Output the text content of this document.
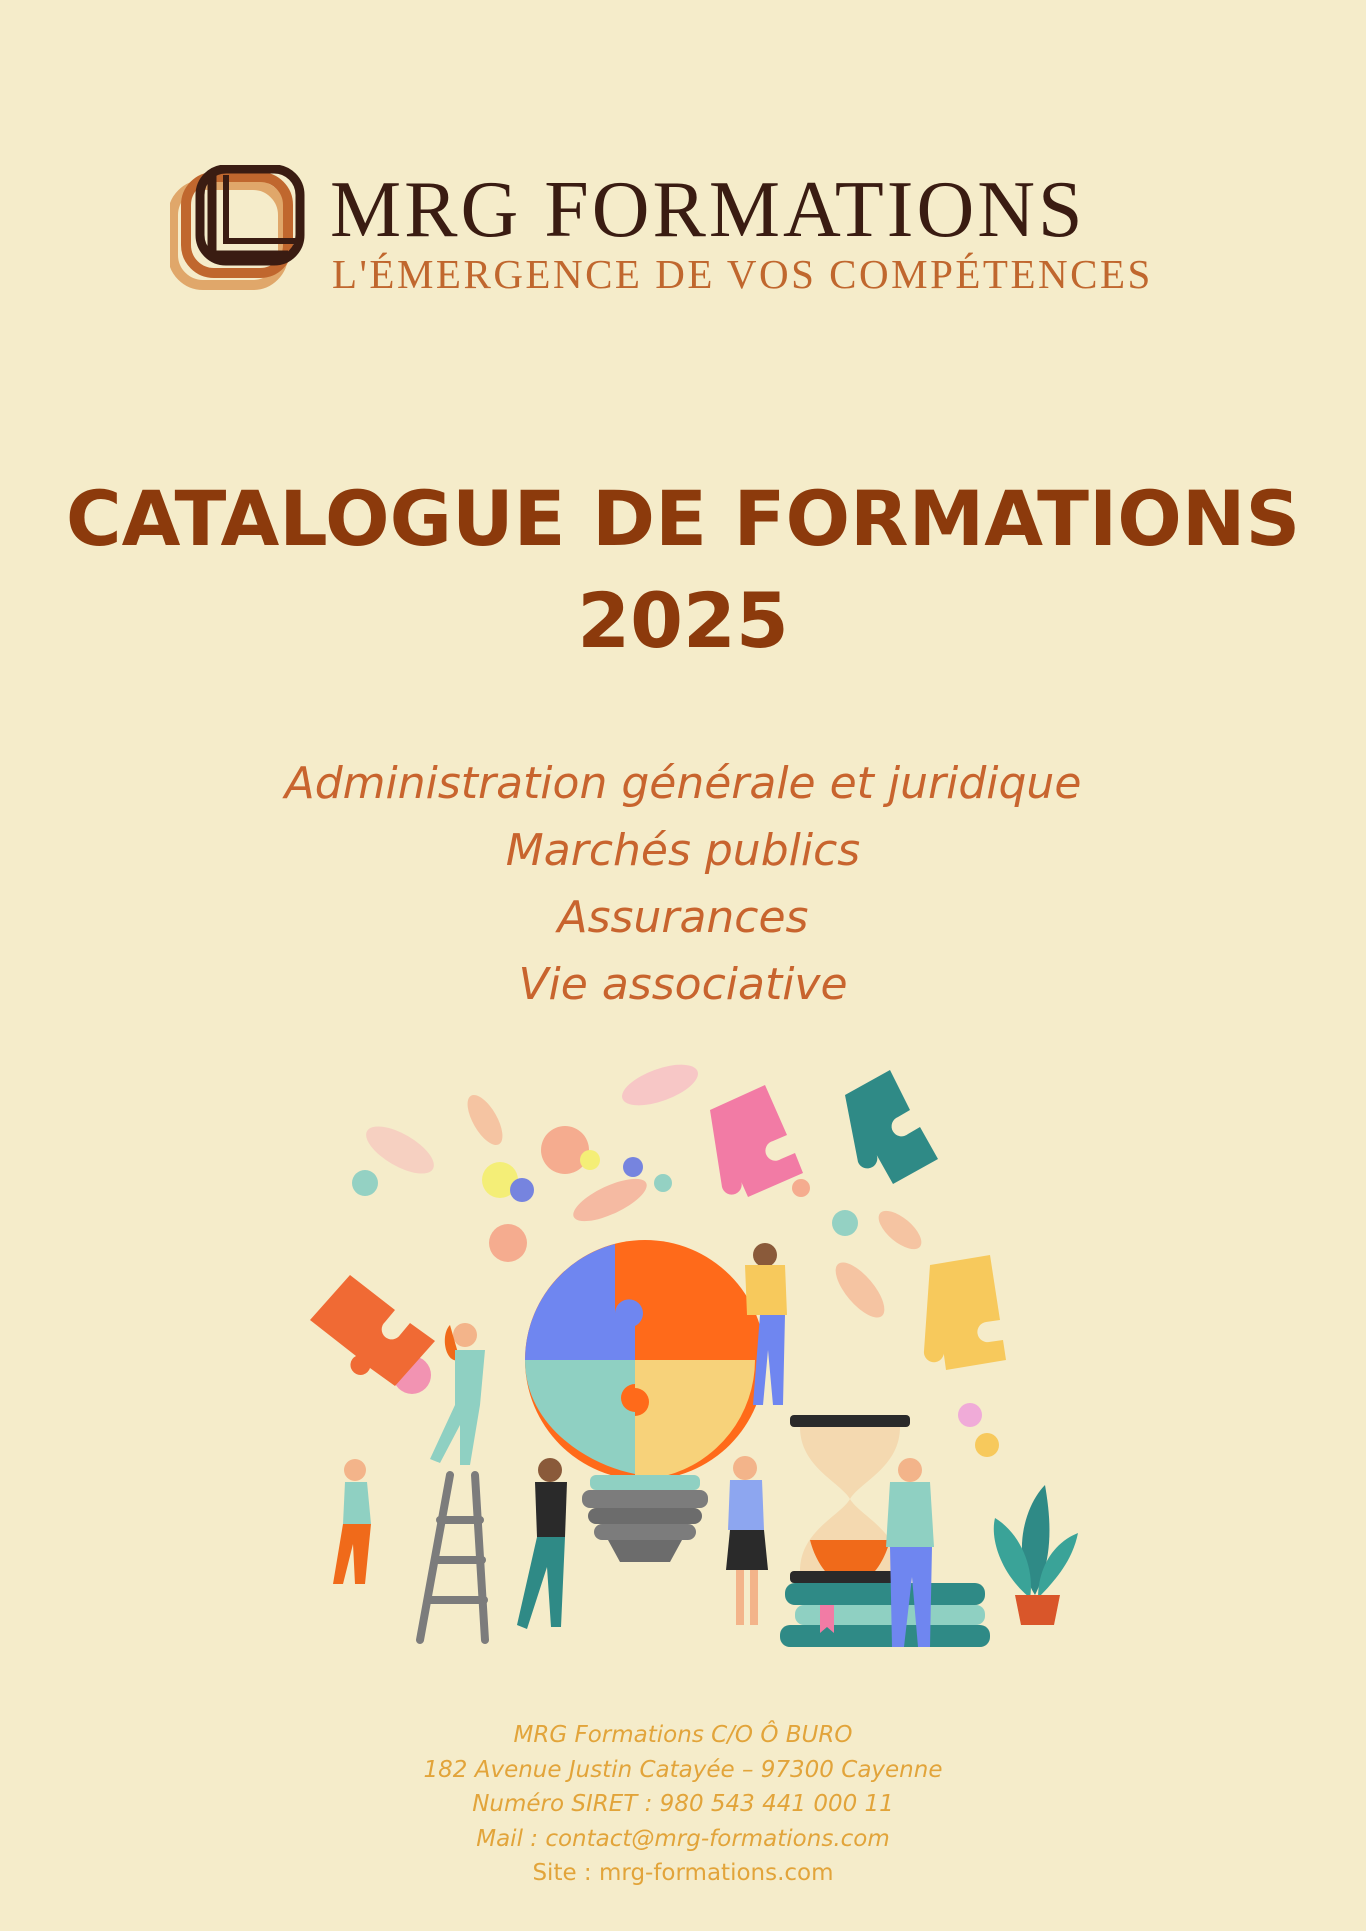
MRG FORMATIONS
L'ÉMERGENCE DE VOS COMPÉTENCES
CATALOGUE DE FORMATIONS
2025
Administration générale et juridique
Marchés publics
Assurances
Vie associative
MRG Formations C/O Ô BURO
182 Avenue Justin Catayée – 97300 Cayenne
Numéro SIRET : 980 543 441 000 11
Mail : contact@mrg-formations.com
Site : mrg-formations.com
